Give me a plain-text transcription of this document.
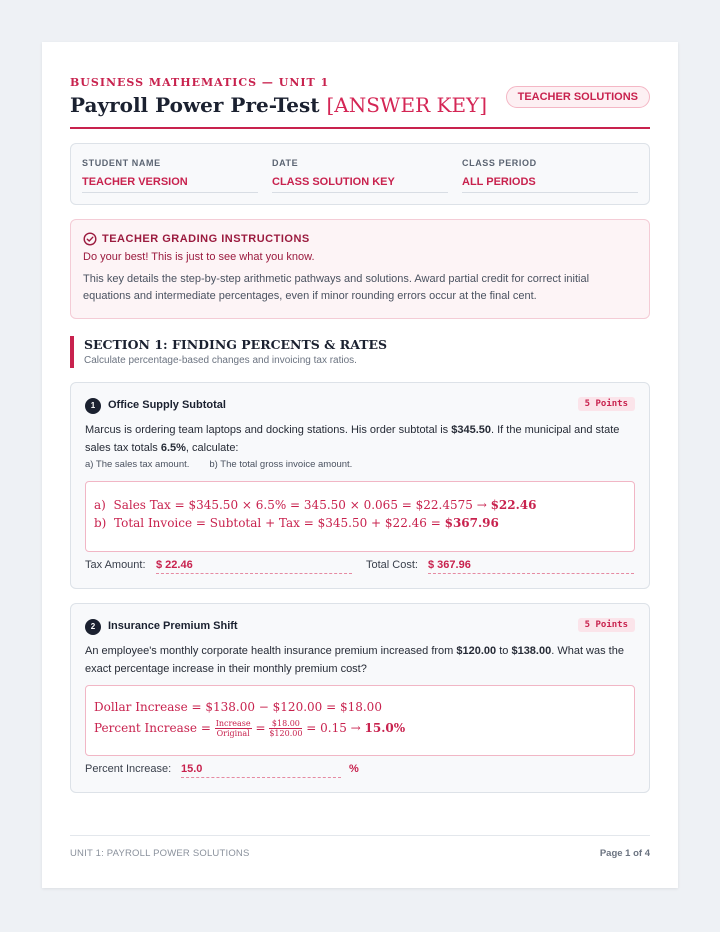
BUSINESS MATHEMATICS — UNIT 1
Payroll Power Pre-Test [ANSWER KEY]	TEACHER SOLUTIONS
STUDENT NAME
TEACHER VERSION
DATE
CLASS SOLUTION KEY
CLASS PERIOD
ALL PERIODS
TEACHER GRADING INSTRUCTIONS
Do your best! This is just to see what you know.
This key details the step-by-step arithmetic pathways and solutions. Award partial credit for correct initial equations and intermediate percentages, even if minor rounding errors occur at the final cent.
SECTION 1: FINDING PERCENTS & RATES
Calculate percentage-based changes and invoicing tax ratios.
1	Office Supply Subtotal	5 Points
Marcus is ordering team laptops and docking stations. His order subtotal is $345.50. If the municipal and state sales tax totals 6.5%, calculate:
a) The sales tax amount. b) The total gross invoice amount.
a) Sales Tax = $345.50 × 6.5% = 345.50 × 0.065 = $22.4575 → $22.46
b) Total Invoice = Subtotal + Tax = $345.50 + $22.46 = $367.96
Tax Amount: $ 22.46	Total Cost: $ 367.96
2	Insurance Premium Shift	5 Points
An employee's monthly corporate health insurance premium increased from $120.00 to $138.00. What was the exact percentage increase in their monthly premium cost?
Dollar Increase = $138.00 − $120.00 = $18.00
Percent Increase = $\frac{\text{Increase}}{\text{Original}} = \frac{\$18.00}{\$120.00} = 0.15 \to 15.0\%$
Percent Increase: 15.0	%
UNIT 1: PAYROLL POWER SOLUTIONS	Page 1 of 4
